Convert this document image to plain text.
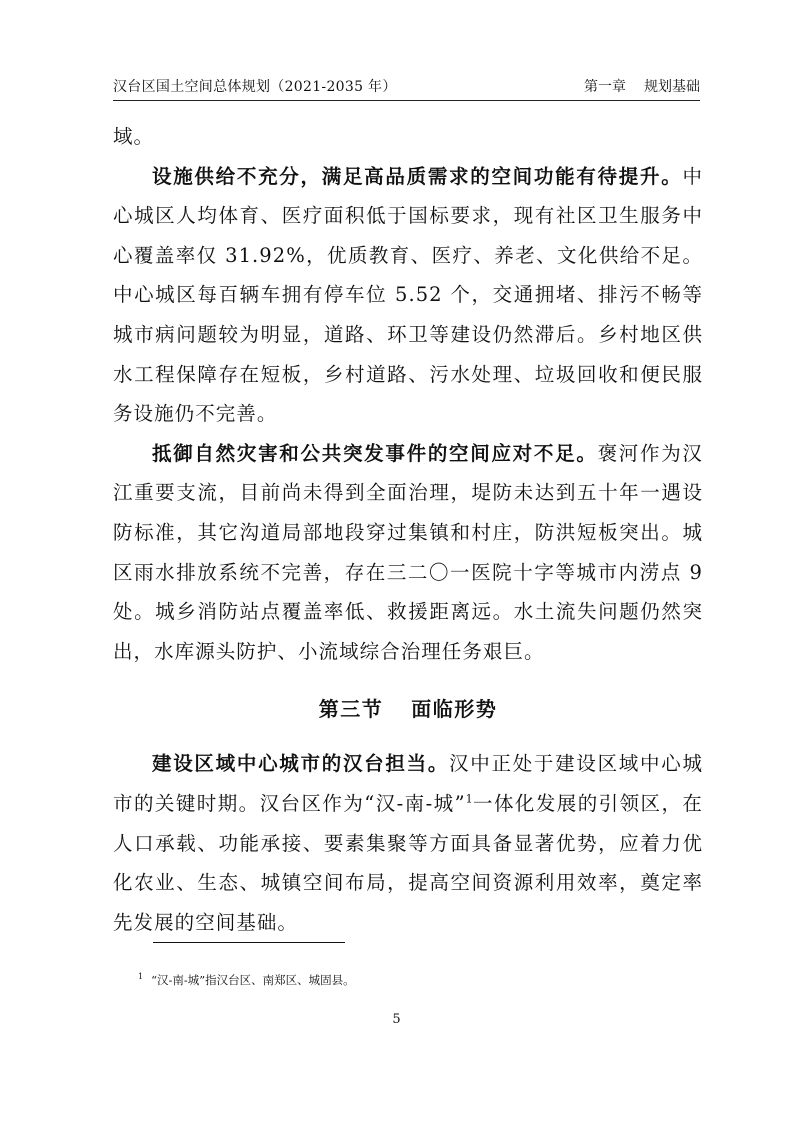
汉台区国土空间总体规划（2021-2035 年）	第一章 规划基础

域。

设施供给不充分，满足高品质需求的空间功能有待提升。中心城区人均体育、医疗面积低于国标要求，现有社区卫生服务中心覆盖率仅 31.92%，优质教育、医疗、养老、文化供给不足。中心城区每百辆车拥有停车位 5.52 个，交通拥堵、排污不畅等城市病问题较为明显，道路、环卫等建设仍然滞后。乡村地区供水工程保障存在短板，乡村道路、污水处理、垃圾回收和便民服务设施仍不完善。

抵御自然灾害和公共突发事件的空间应对不足。褒河作为汉江重要支流，目前尚未得到全面治理，堤防未达到五十年一遇设防标准，其它沟道局部地段穿过集镇和村庄，防洪短板突出。城区雨水排放系统不完善，存在三二〇一医院十字等城市内涝点 9 处。城乡消防站点覆盖率低、救援距离远。水土流失问题仍然突出，水库源头防护、小流域综合治理任务艰巨。

第三节 面临形势

建设区域中心城市的汉台担当。汉中正处于建设区域中心城市的关键时期。汉台区作为“汉-南-城”$^1$一体化发展的引领区，在人口承载、功能承接、要素集聚等方面具备显著优势，应着力优化农业、生态、城镇空间布局，提高空间资源利用效率，奠定率先发展的空间基础。

$^1$ “汉-南-城”指汉台区、南郑区、城固县。
5
